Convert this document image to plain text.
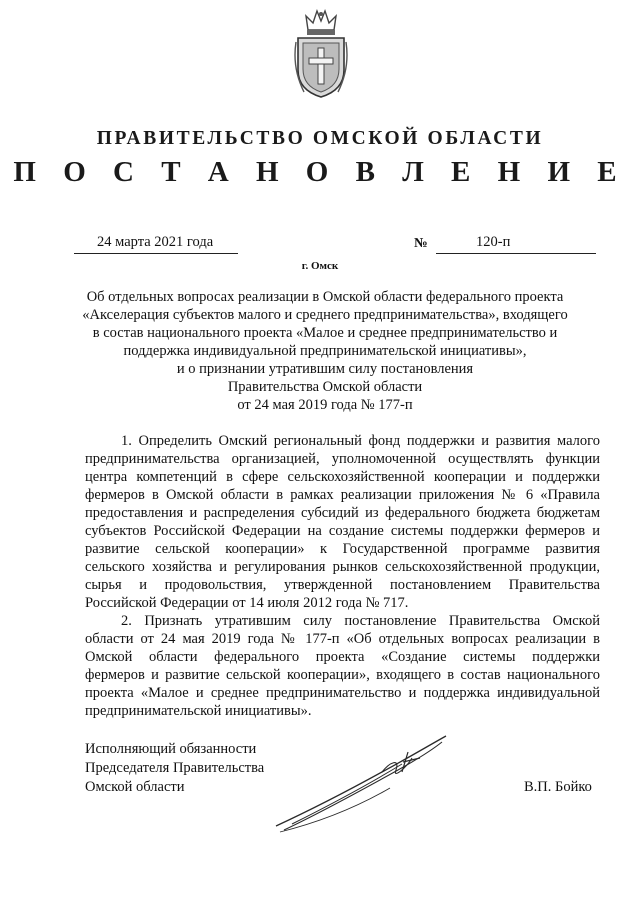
ПРАВИТЕЛЬСТВО ОМСКОЙ ОБЛАСТИ
П О С Т А Н О В Л Е Н И Е
24 марта 2021 года	№	120-п
г. Омск
Об отдельных вопросах реализации в Омской области федерального проекта
«Акселерация субъектов малого и среднего предпринимательства», входящего
в состав национального проекта «Малое и среднее предпринимательство и
поддержка индивидуальной предпринимательской инициативы»,
и о признании утратившим силу постановления
Правительства Омской области
от 24 мая 2019 года № 177-п
1. Определить Омский региональный фонд поддержки и развития малого
предпринимательства организацией, уполномоченной осуществлять функции
центра компетенций в сфере сельскохозяйственной кооперации и поддержки
фермеров в Омской области в рамках реализации приложения № 6 «Правила
предоставления и распределения субсидий из федерального бюджета бюджетам
субъектов Российской Федерации на создание системы поддержки фермеров и
развитие сельской кооперации» к Государственной программе развития
сельского хозяйства и регулирования рынков сельскохозяйственной продукции,
сырья и продовольствия, утвержденной постановлением Правительства
Российской Федерации от 14 июля 2012 года № 717.
2. Признать утратившим силу постановление Правительства Омской
области от 24 мая 2019 года № 177-п «Об отдельных вопросах реализации в
Омской области федерального проекта «Создание системы поддержки
фермеров и развитие сельской кооперации», входящего в состав национального
проекта «Малое и среднее предпринимательство и поддержка индивидуальной
предпринимательской инициативы».
Исполняющий обязанности
Председателя Правительства
Омской области	В.П. Бойко
